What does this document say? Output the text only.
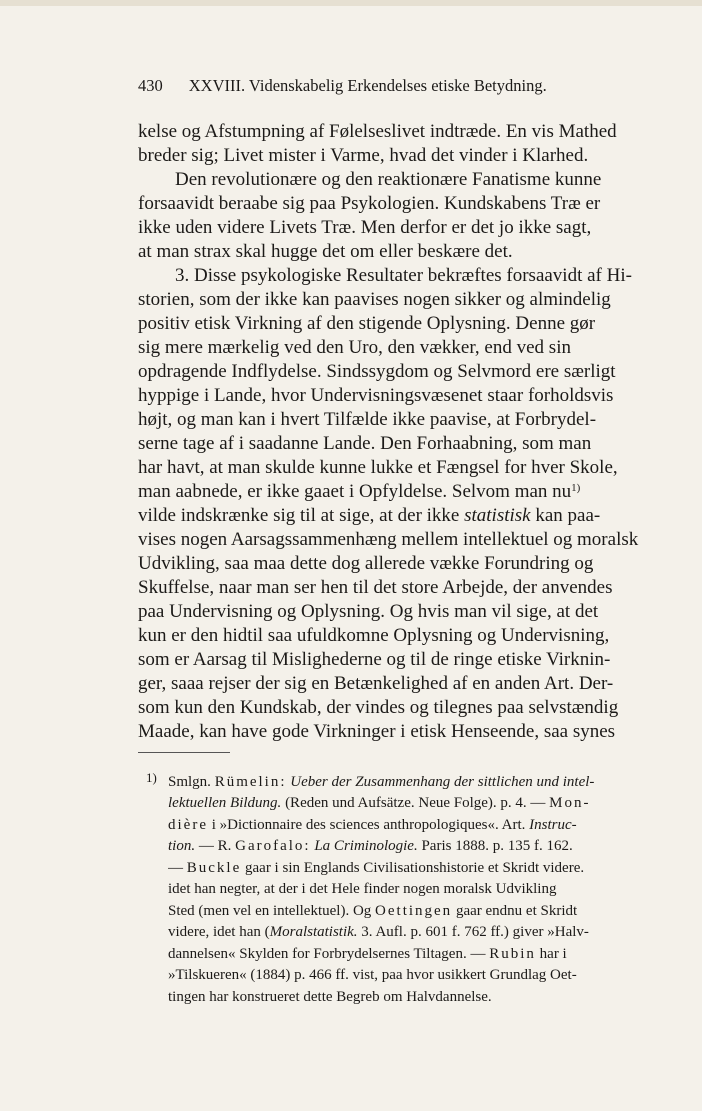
430 XXVIII. Videnskabelig Erkendelses etiske Betydning.
kelse og Afstumpning af Følelseslivet indtræde. En vis Mathed
breder sig; Livet mister i Varme, hvad det vinder i Klarhed.
Den revolutionære og den reaktionære Fanatisme kunne
forsaavidt beraabe sig paa Psykologien. Kundskabens Træ er
ikke uden videre Livets Træ. Men derfor er det jo ikke sagt,
at man strax skal hugge det om eller beskære det.
3. Disse psykologiske Resultater bekræftes forsaavidt af Hi-
storien, som der ikke kan paavises nogen sikker og almindelig
positiv etisk Virkning af den stigende Oplysning. Denne gør
sig mere mærkelig ved den Uro, den vækker, end ved sin
opdragende Indflydelse. Sindssygdom og Selvmord ere særligt
hyppige i Lande, hvor Undervisningsvæsenet staar forholdsvis
højt, og man kan i hvert Tilfælde ikke paavise, at Forbrydel-
serne tage af i saadanne Lande. Den Forhaabning, som man
har havt, at man skulde kunne lukke et Fængsel for hver Skole,
man aabnede, er ikke gaaet i Opfyldelse. Selvom man $nu^{1)}$
vilde indskrænke sig til at sige, at der ikke statistisk kan paa-
vises nogen Aarsagssammenhæng mellem intellektuel og moralsk
Udvikling, saa maa dette dog allerede vække Forundring og
Skuffelse, naar man ser hen til det store Arbejde, der anvendes
paa Undervisning og Oplysning. Og hvis man vil sige, at det
kun er den hidtil saa ufuldkomne Oplysning og Undervisning,
som er Aarsag til Mislighederne og til de ringe etiske Virknin-
ger, saaa rejser der sig en Betænkelighed af en anden Art. Der-
som kun den Kundskab, der vindes og tilegnes paa selvstændig
Maade, kan have gode Virkninger i etisk Henseende, saa synes
1) Smlgn. Rümelin: Ueber der Zusammenhang der sittlichen und intel-
lektuellen Bildung. (Reden und Aufsätze. Neue Folge). p. 4. — Mon-
dière i »Dictionnaire des sciences anthropologiques«. Art. Instruc-
tion. — R. Garofalo: La Criminologie. Paris 1888. p. 135 f. 162.
— Buckle gaar i sin Englands Civilisationshistorie et Skridt videre.
idet han negter, at der i det Hele finder nogen moralsk Udvikling
Sted (men vel en intellektuel). Og Oettingen gaar endnu et Skridt
videre, idet han (Moralstatistik. 3. Aufl. p. 601 f. 762 ff.) giver »Halv-
dannelsen« Skylden for Forbrydelsernes Tiltagen. — Rubin har i
»Tilskueren« (1884) p. 466 ff. vist, paa hvor usikkert Grundlag Oet-
tingen har konstrueret dette Begreb om Halvdannelse.
